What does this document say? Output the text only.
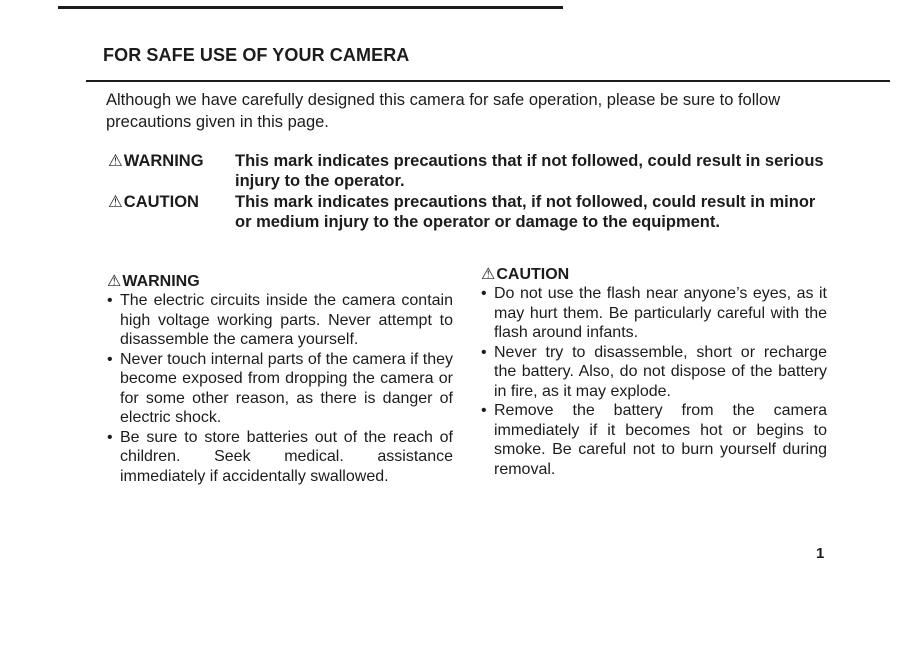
FOR SAFE USE OF YOUR CAMERA

Although we have carefully designed this camera for safe operation, please be sure to follow precautions given in this page.

⚠WARNING	This mark indicates precautions that if not followed, could result in serious injury to the operator.
⚠CAUTION	This mark indicates precautions that, if not followed, could result in minor or medium injury to the operator or damage to the equipment.
⚠WARNING
• The electric circuits inside the camera contain high voltage working parts. Never attempt to disassemble the camera yourself.
• Never touch internal parts of the camera if they become exposed from dropping the camera or for some other reason, as there is danger of electric shock.
• Be sure to store batteries out of the reach of children. Seek medical. assistance immediately if accidentally swallowed.
⚠CAUTION
• Do not use the flash near anyone’s eyes, as it may hurt them. Be particularly careful with the flash around infants.
• Never try to disassemble, short or recharge the battery. Also, do not dispose of the battery in fire, as it may explode.
• Remove the battery from the camera immediately if it becomes hot or begins to smoke. Be careful not to burn yourself during removal.
1
